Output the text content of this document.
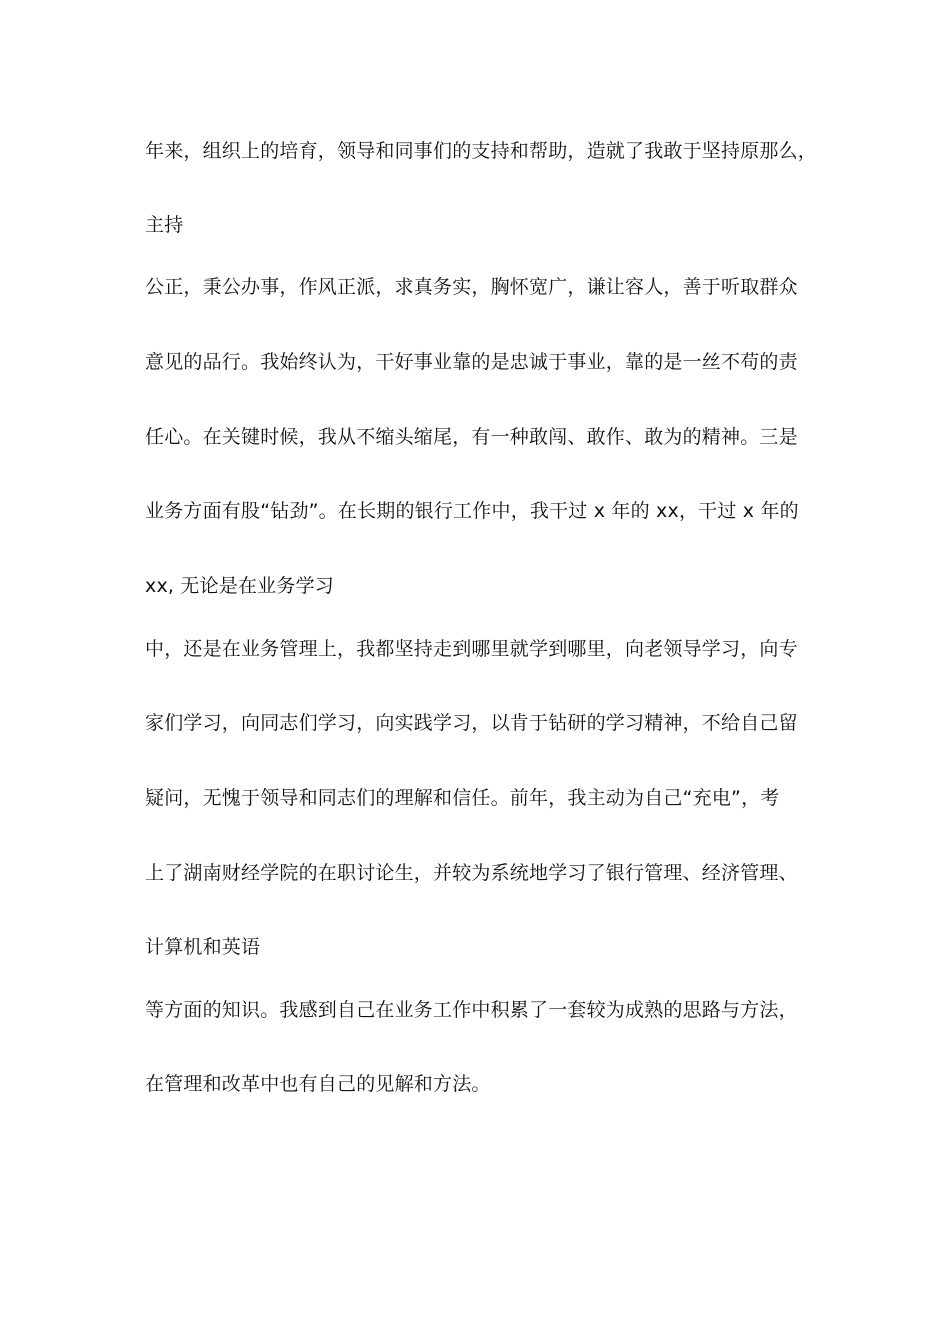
年来，组织上的培育，领导和同事们的支持和帮助，造就了我敢于坚持原那么，
主持
公正，秉公办事，作风正派，求真务实，胸怀宽广，谦让容人，善于听取群众
意见的品行。我始终认为，干好事业靠的是忠诚于事业，靠的是一丝不苟的责
任心。在关键时候，我从不缩头缩尾，有一种敢闯、敢作、敢为的精神。三是
业务方面有股“钻劲”。在长期的银行工作中，我干过 x 年的 xx，干过 x 年的
xx, 无论是在业务学习
中，还是在业务管理上，我都坚持走到哪里就学到哪里，向老领导学习，向专
家们学习，向同志们学习，向实践学习，以肯于钻研的学习精神，不给自己留
疑问，无愧于领导和同志们的理解和信任。前年，我主动为自己“充电”，考
上了湖南财经学院的在职讨论生，并较为系统地学习了银行管理、经济管理、
计算机和英语
等方面的知识。我感到自己在业务工作中积累了一套较为成熟的思路与方法，
在管理和改革中也有自己的见解和方法。
